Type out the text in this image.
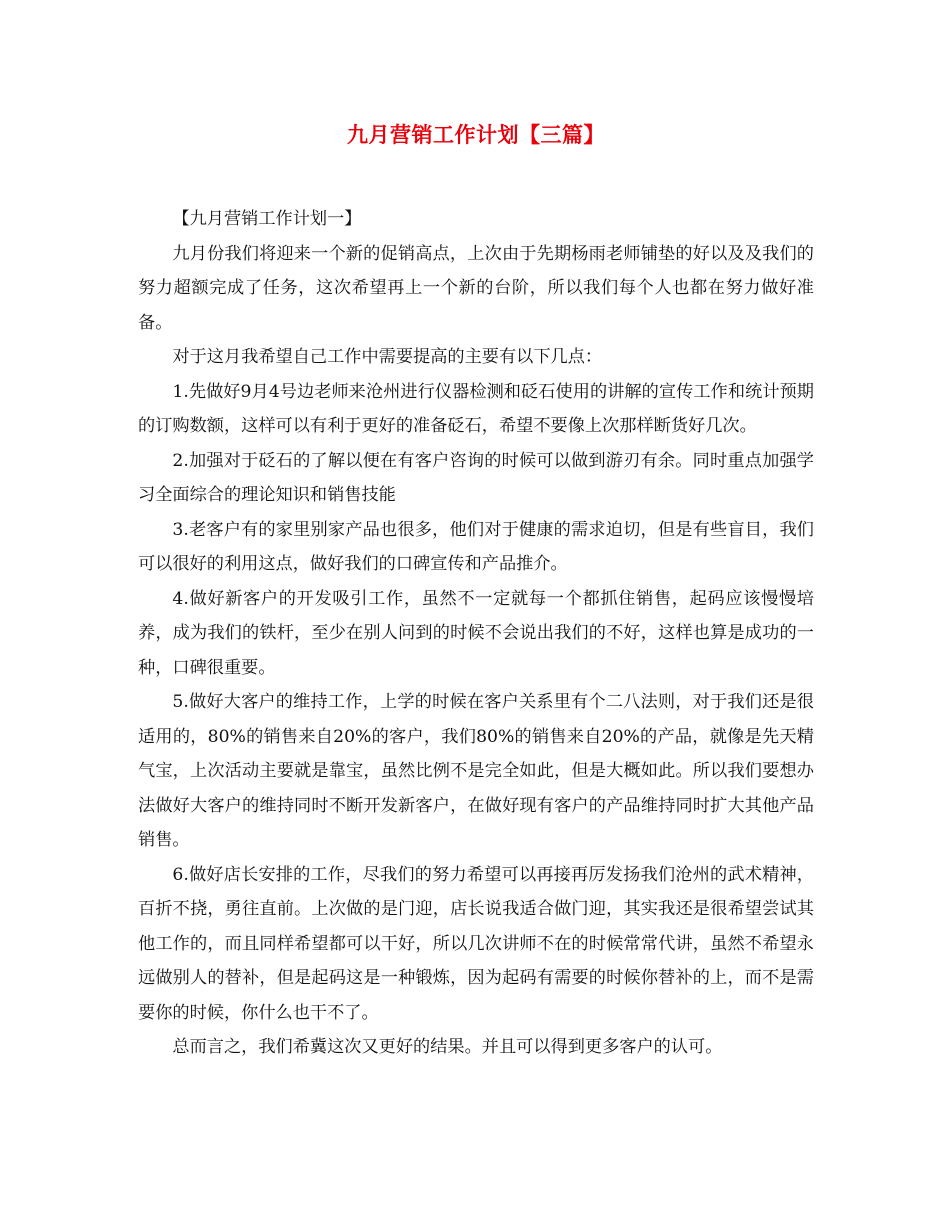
九月营销工作计划【三篇】

【九月营销工作计划一】

九月份我们将迎来一个新的促销高点，上次由于先期杨雨老师铺垫的好以及及我们的努力超额完成了任务，这次希望再上一个新的台阶，所以我们每个人也都在努力做好准备。

对于这月我希望自己工作中需要提高的主要有以下几点：

1.先做好9月4号边老师来沧州进行仪器检测和砭石使用的讲解的宣传工作和统计预期的订购数额，这样可以有利于更好的准备砭石，希望不要像上次那样断货好几次。

2.加强对于砭石的了解以便在有客户咨询的时候可以做到游刃有余。同时重点加强学习全面综合的理论知识和销售技能

3.老客户有的家里别家产品也很多，他们对于健康的需求迫切，但是有些盲目，我们可以很好的利用这点，做好我们的口碑宣传和产品推介。

4.做好新客户的开发吸引工作，虽然不一定就每一个都抓住销售，起码应该慢慢培养，成为我们的铁杆，至少在别人问到的时候不会说出我们的不好，这样也算是成功的一种，口碑很重要。

5.做好大客户的维持工作，上学的时候在客户关系里有个二八法则，对于我们还是很适用的，80%的销售来自20%的客户，我们80%的销售来自20%的产品，就像是先天精气宝，上次活动主要就是靠宝，虽然比例不是完全如此，但是大概如此。所以我们要想办法做好大客户的维持同时不断开发新客户，在做好现有客户的产品维持同时扩大其他产品销售。

6.做好店长安排的工作，尽我们的努力希望可以再接再厉发扬我们沧州的武术精神，百折不挠，勇往直前。上次做的是门迎，店长说我适合做门迎，其实我还是很希望尝试其他工作的，而且同样希望都可以干好，所以几次讲师不在的时候常常代讲，虽然不希望永远做别人的替补，但是起码这是一种锻炼，因为起码有需要的时候你替补的上，而不是需要你的时候，你什么也干不了。

总而言之，我们希冀这次又更好的结果。并且可以得到更多客户的认可。
